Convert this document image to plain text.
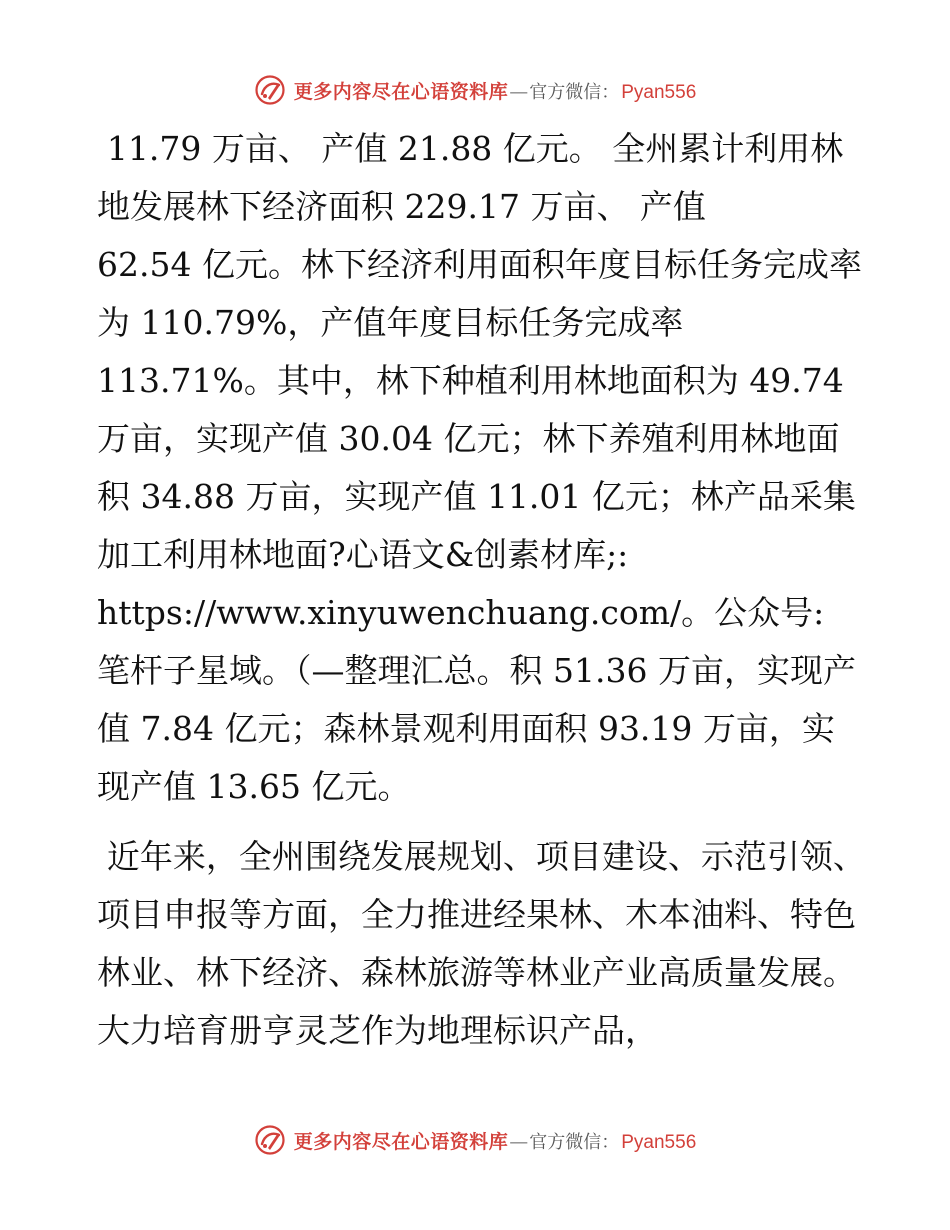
更多内容尽在心语资料库 — 官方微信 ： Pyan556

11.79 万亩、 产值 21.88 亿元。 全州累计利用林地发展林下经济面积 229.17 万亩、 产值
62.54 亿元。林下经济利用面积年度目标任务完成率为 110.79%，产值年度目标任务完成率
113.71%。其中，林下种植利用林地面积为 49.74 万亩，实现产值 30.04 亿元；林下养殖利用林地面积 34.88 万亩，实现产值 11.01 亿元；林产品采集加工利用林地面?心语文&创素材库;:
https://www.xinyuwenchuang.com/。公众号: 笔杆子星域。（—整理汇总。积 51.36 万亩，实现产值 7.84 亿元；森林景观利用面积 93.19 万亩，实现产值 13.65 亿元。

近年来，全州围绕发展规划、项目建设、示范引领、项目申报等方面，全力推进经果林、木本油料、特色林业、林下经济、森林旅游等林业产业高质量发展。大力培育册亨灵芝作为地理标识产品，

更多内容尽在心语资料库 — 官方微信 ： Pyan556
